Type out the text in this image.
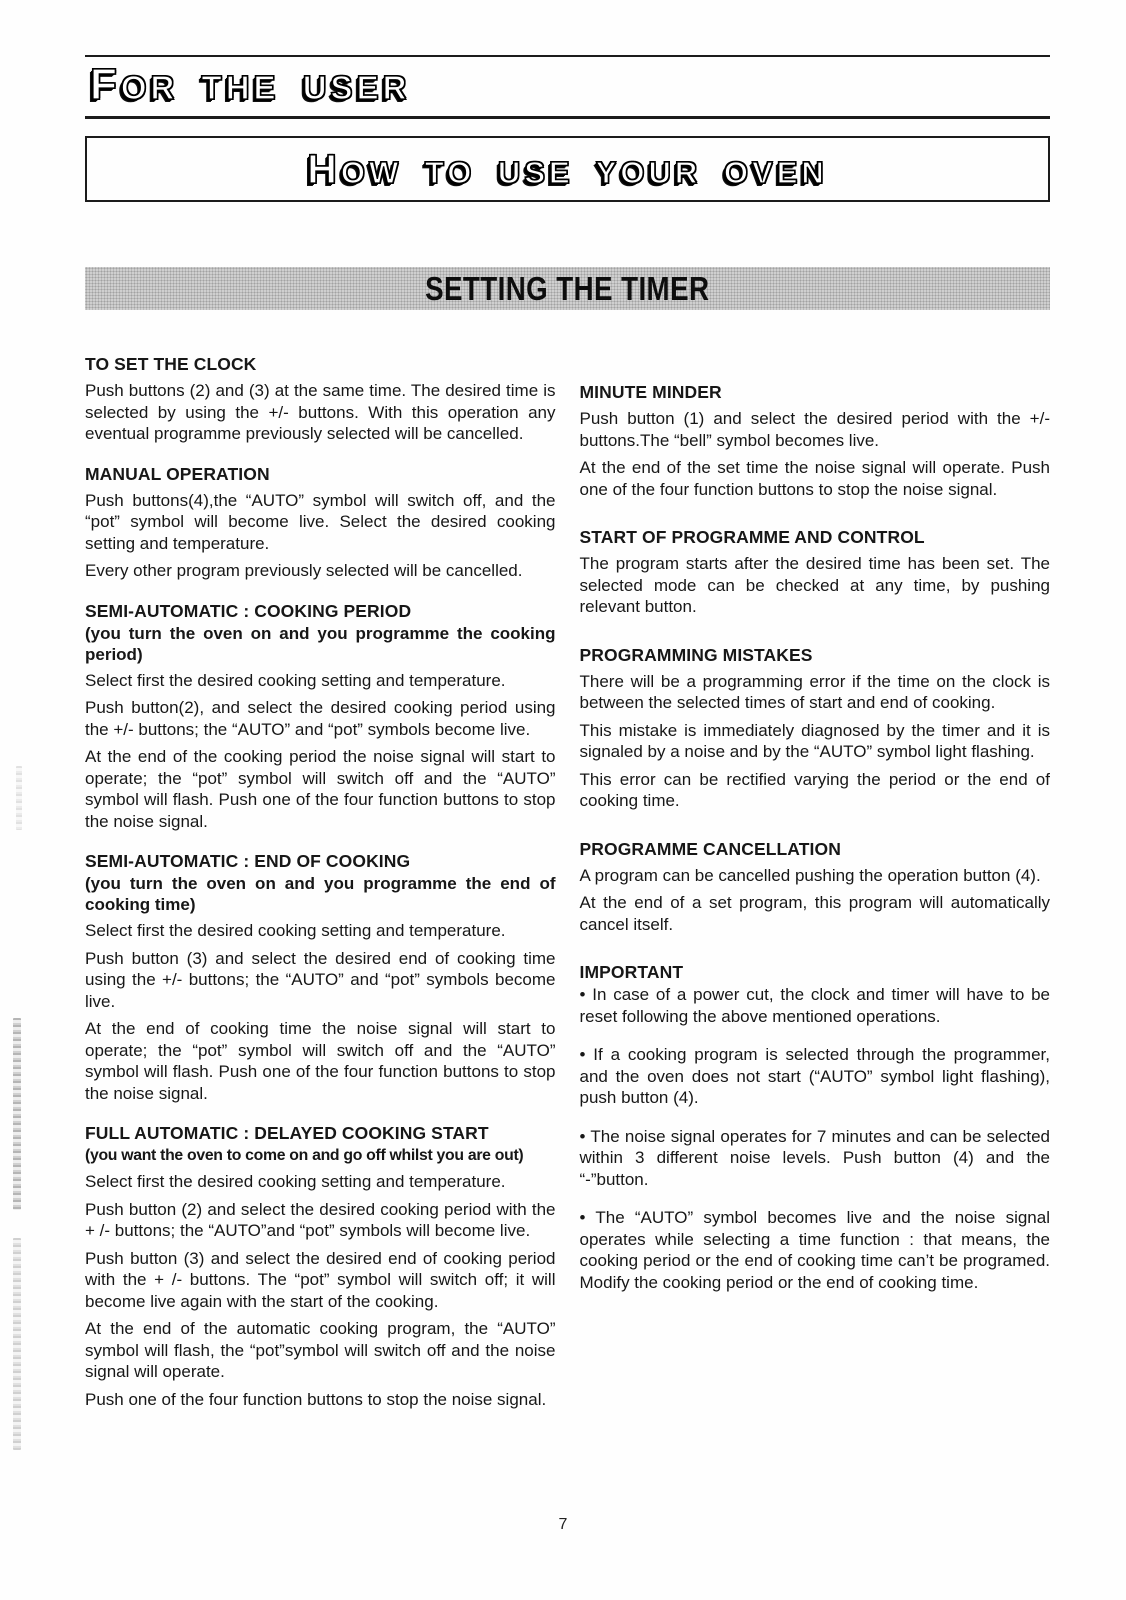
FOR THE USER
HOW TO USE YOUR OVEN
SETTING THE TIMER
TO SET THE CLOCK

Push buttons (2) and (3) at the same time. The desired time is selected by using the +/- buttons. With this operation any eventual programme previously selected will be cancelled.

MANUAL OPERATION

Push buttons(4),the “AUTO” symbol will switch off, and the “pot” symbol will become live. Select the desired cooking setting and temperature.

Every other program previously selected will be cancelled.

SEMI-AUTOMATIC : COOKING PERIOD

(you turn the oven on and you programme the cooking period)

Select first the desired cooking setting and temperature.

Push button(2), and select the desired cooking period using the +/- buttons; the “AUTO” and “pot” symbols become live.

At the end of the cooking period the noise signal will start to operate; the “pot” symbol will switch off and the “AUTO” symbol will flash. Push one of the four function buttons to stop the noise signal.

SEMI-AUTOMATIC : END OF COOKING

(you turn the oven on and you programme the end of cooking time)

Select first the desired cooking setting and temperature.

Push button (3) and select the desired end of cooking time using the +/- buttons; the “AUTO” and “pot” symbols become live.

At the end of cooking time the noise signal will start to operate; the “pot” symbol will switch off and the “AUTO” symbol will flash. Push one of the four function buttons to stop the noise signal.

FULL AUTOMATIC : DELAYED COOKING START

(you want the oven to come on and go off whilst you are out)

Select first the desired cooking setting and temperature.

Push button (2) and select the desired cooking period with the + /- buttons; the “AUTO”and “pot” symbols will become live.

Push button (3) and select the desired end of cooking period with the + /- buttons. The “pot” symbol will switch off; it will become live again with the start of the cooking.

At the end of the automatic cooking program, the “AUTO” symbol will flash, the “pot”symbol will switch off and the noise signal will operate.

Push one of the four function buttons to stop the noise signal.

MINUTE MINDER

Push button (1) and select the desired period with the +/- buttons.The “bell” symbol becomes live.

At the end of the set time the noise signal will operate. Push one of the four function buttons to stop the noise signal.

START OF PROGRAMME AND CONTROL

The program starts after the desired time has been set. The selected mode can be checked at any time, by pushing relevant button.

PROGRAMMING MISTAKES

There will be a programming error if the time on the clock is between the selected times of start and end of cooking.

This mistake is immediately diagnosed by the timer and it is signaled by a noise and by the “AUTO” symbol light flashing.

This error can be rectified varying the period or the end of cooking time.

PROGRAMME CANCELLATION

A program can be cancelled pushing the operation button (4).

At the end of a set program, this program will automatically cancel itself.

IMPORTANT

• In case of a power cut, the clock and timer will have to be reset following the above mentioned operations.

• If a cooking program is selected through the programmer, and the oven does not start (“AUTO” symbol light flashing), push button (4).

• The noise signal operates for 7 minutes and can be selected within 3 different noise levels. Push button (4) and the “-”button.

• The “AUTO” symbol becomes live and the noise signal operates while selecting a time function : that means, the cooking period or the end of cooking time can’t be programed. Modify the cooking period or the end of cooking time.

7
